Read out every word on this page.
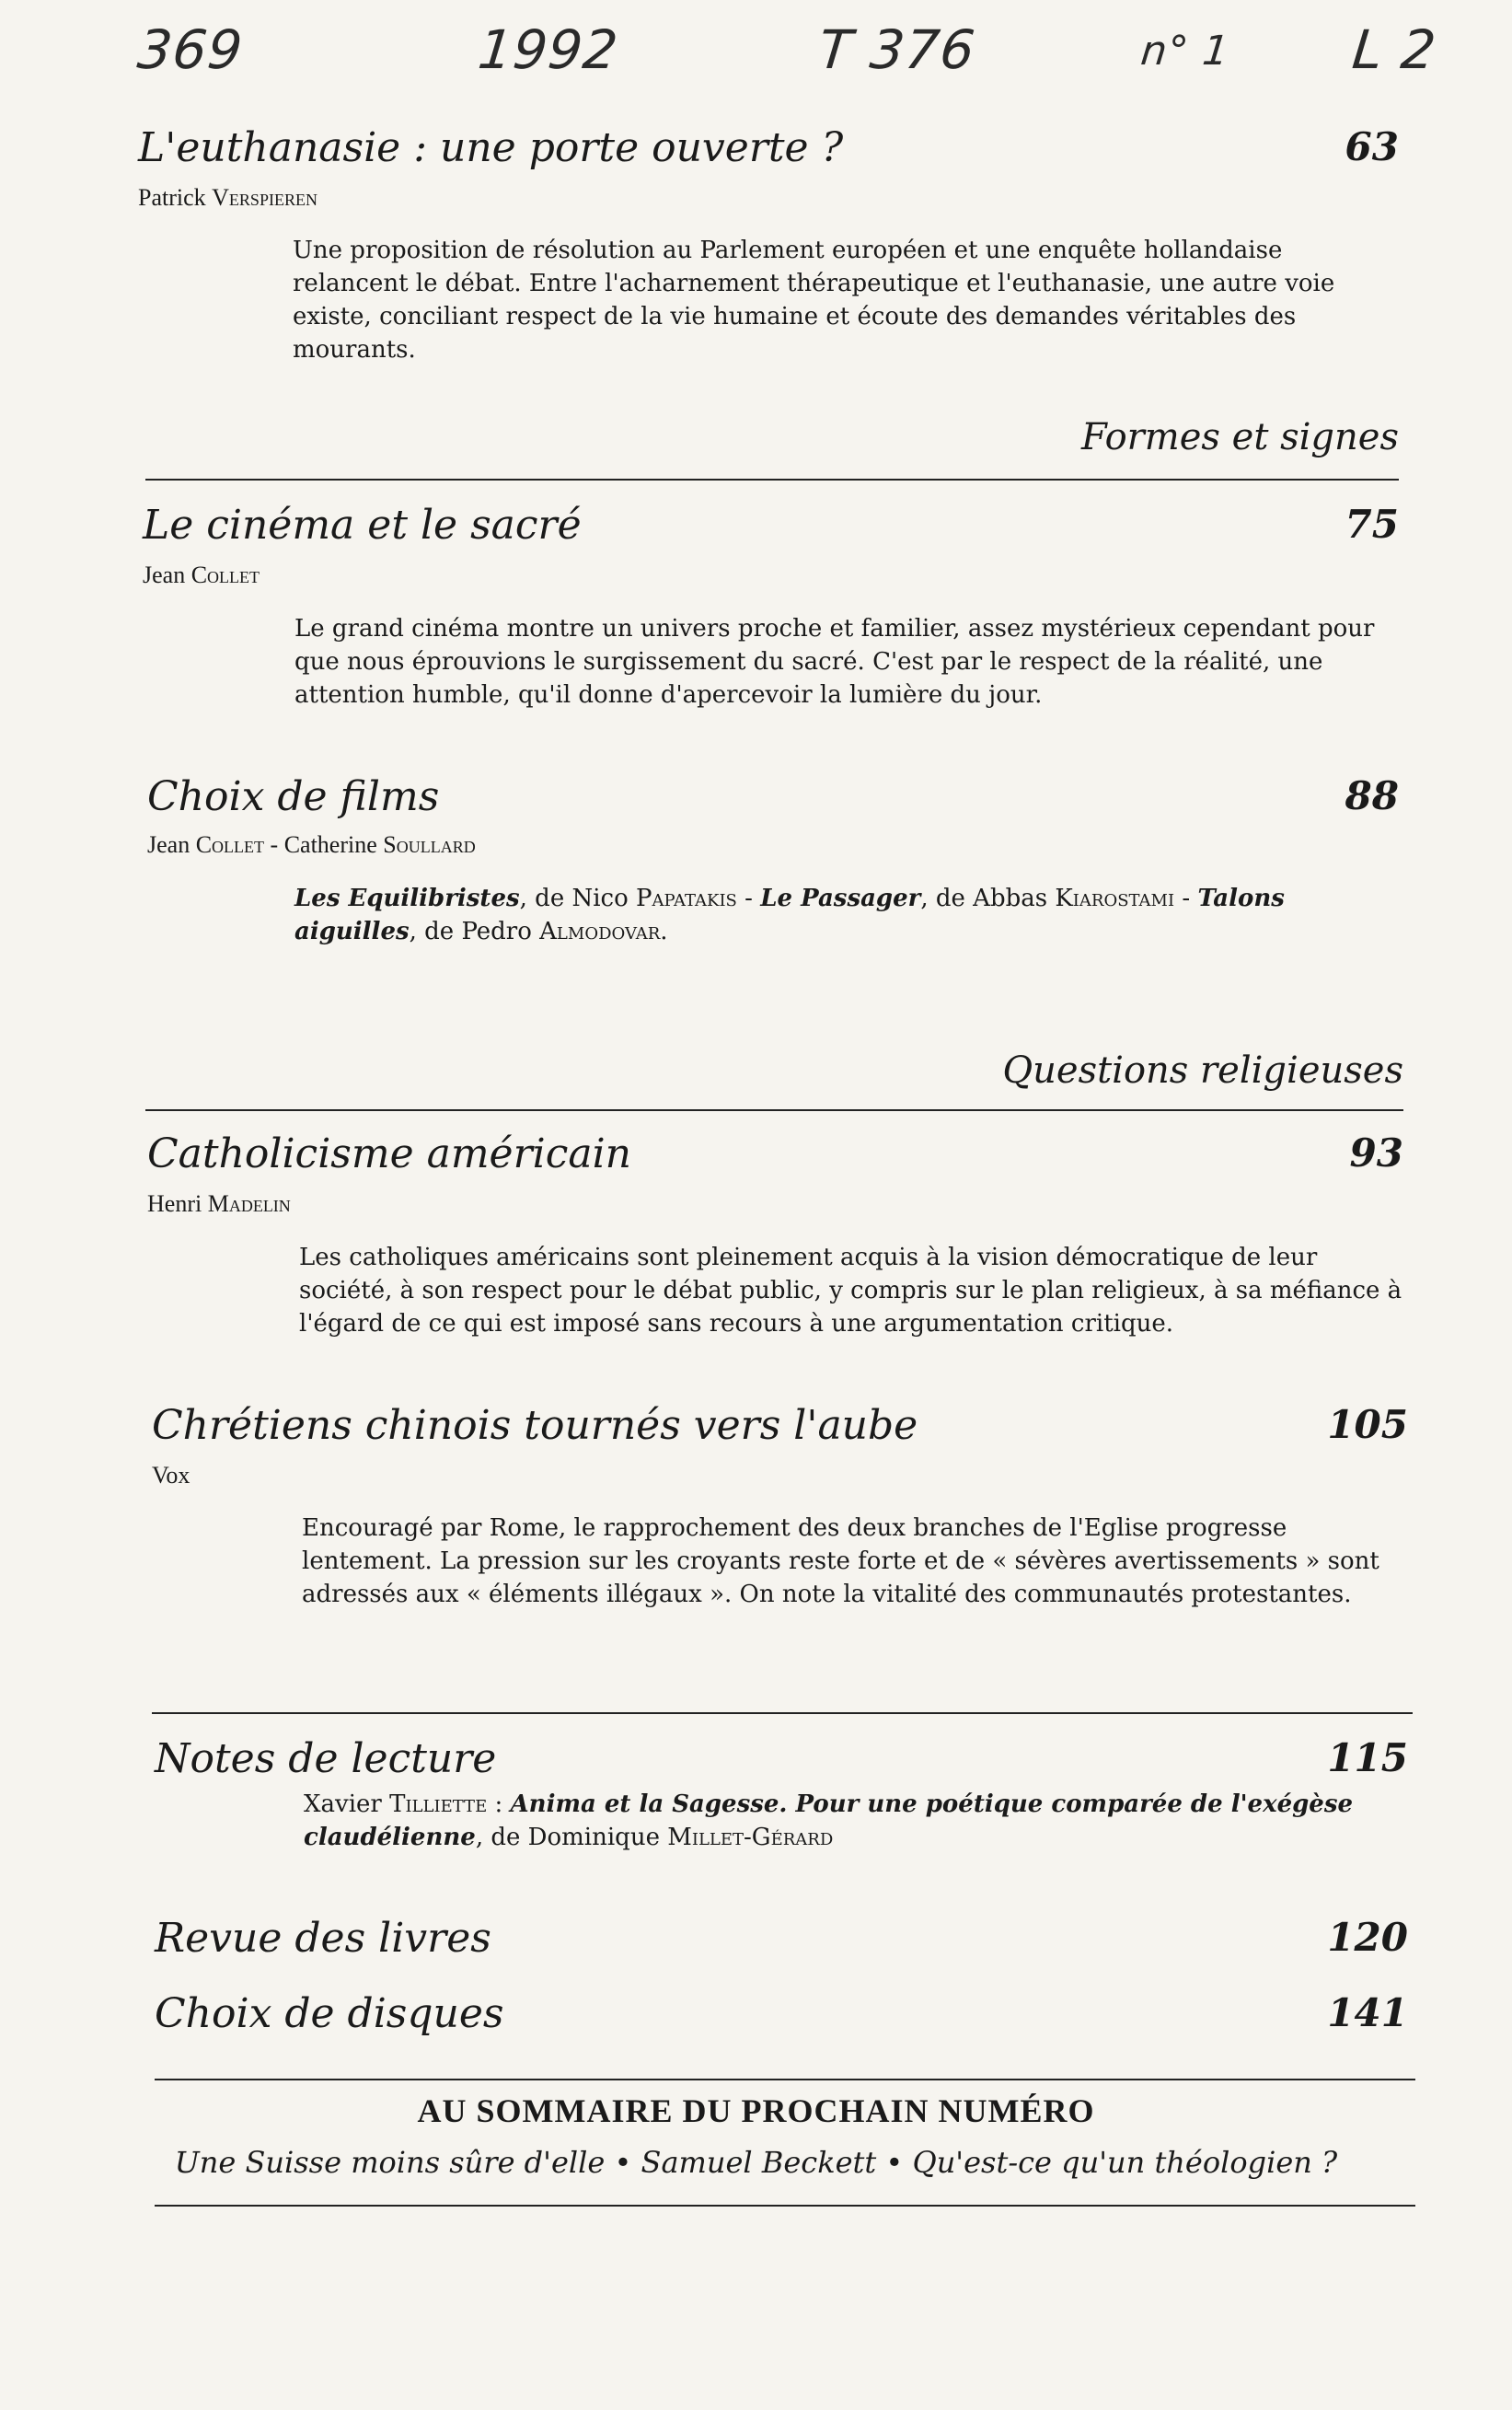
369	1992	T 376	n° 1 L 2
L'euthanasie : une porte ouverte ?	63
Patrick Verspieren
Une proposition de résolution au Parlement européen et une enquête hollandaise relancent le débat. Entre l'acharnement thérapeutique et l'euthanasie, une autre voie existe, conciliant respect de la vie humaine et écoute des demandes véritables des mourants.
Formes et signes
Le cinéma et le sacré	75
Jean Collet
Le grand cinéma montre un univers proche et familier, assez mystérieux cependant pour que nous éprouvions le surgissement du sacré. C'est par le respect de la réalité, une attention humble, qu'il donne d'apercevoir la lumière du jour.
Choix de films	88
Jean Collet - Catherine Soullard
Les Equilibristes, de Nico Papatakis - Le Passager, de Abbas Kiarostami - Talons aiguilles, de Pedro Almodovar.
Questions religieuses
Catholicisme américain	93
Henri Madelin
Les catholiques américains sont pleinement acquis à la vision démocratique de leur société, à son respect pour le débat public, y compris sur le plan religieux, à sa méfiance à l'égard de ce qui est imposé sans recours à une argumentation critique.
Chrétiens chinois tournés vers l'aube	105
Vox
Encouragé par Rome, le rapprochement des deux branches de l'Eglise progresse lentement. La pression sur les croyants reste forte et de « sévères avertissements » sont adressés aux « éléments illégaux ». On note la vitalité des communautés protestantes.
Notes de lecture	115
Xavier Tilliette : Anima et la Sagesse. Pour une poétique comparée de l'exégèse claudélienne, de Dominique Millet-Gérard
Revue des livres	120
Choix de disques	141
AU SOMMAIRE DU PROCHAIN NUMÉRO
Une Suisse moins sûre d'elle • Samuel Beckett • Qu'est-ce qu'un théologien ?
